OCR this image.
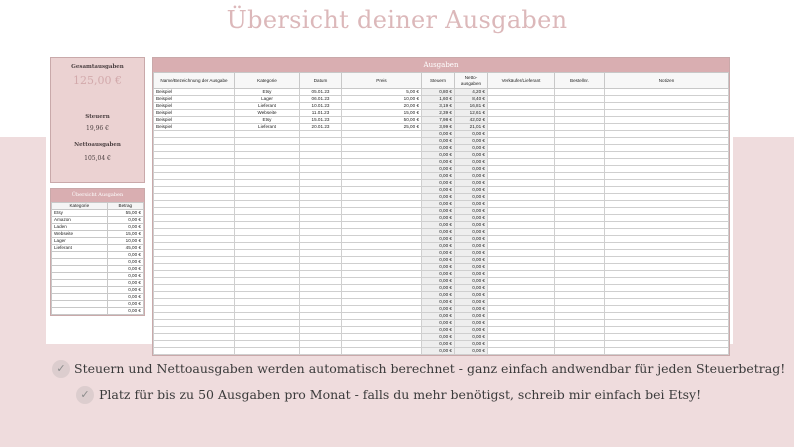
Übersicht deiner Ausgaben
Gesamtausgaben
125,00 €
Steuern
19,96 €
Nettoausgaben
105,04 €
Übersicht Ausgaben
Kategorie	Betrag
Etsy	55,00 €
Amazon	0,00 €
Laden	0,00 €
Webseite	15,00 €
Lager	10,00 €
Lieferant	45,00 €
	0,00 €
	0,00 €
	0,00 €
	0,00 €
	0,00 €
	0,00 €
	0,00 €
	0,00 €
	0,00 €
Ausgaben
Name/Bezeichnung der Ausgabe	Kategorie	Datum	Preis	Steuern	Netto-ausgaben	Verkäufer/Lieferant	Bestellnr.	Notizen
Beispiel	Etsy	05.01.23	5,00 €	0,80 €	4,20 €			
Beispiel	Lager	06.01.23	10,00 €	1,60 €	8,40 €			
Beispiel	Lieferant	10.01.23	20,00 €	3,19 €	16,81 €			
Beispiel	Webseite	11.01.23	15,00 €	2,39 €	12,61 €			
Beispiel	Etsy	15.01.23	50,00 €	7,98 €	42,02 €			
Beispiel	Lieferant	20.01.23	25,00 €	3,99 €	21,01 €			
				0,00 €	0,00 €			
				0,00 €	0,00 €			
				0,00 €	0,00 €			
				0,00 €	0,00 €			
				0,00 €	0,00 €			
				0,00 €	0,00 €			
				0,00 €	0,00 €			
				0,00 €	0,00 €			
				0,00 €	0,00 €			
				0,00 €	0,00 €			
				0,00 €	0,00 €			
				0,00 €	0,00 €			
				0,00 €	0,00 €			
				0,00 €	0,00 €			
				0,00 €	0,00 €			
				0,00 €	0,00 €			
				0,00 €	0,00 €			
				0,00 €	0,00 €			
				0,00 €	0,00 €			
				0,00 €	0,00 €			
				0,00 €	0,00 €			
				0,00 €	0,00 €			
				0,00 €	0,00 €			
				0,00 €	0,00 €			
				0,00 €	0,00 €			
				0,00 €	0,00 €			
				0,00 €	0,00 €			
				0,00 €	0,00 €			
				0,00 €	0,00 €			
				0,00 €	0,00 €			
				0,00 €	0,00 €			
				0,00 €	0,00 €			
✓ Steuern und Nettoausgaben werden automatisch berechnet - ganz einfach andwendbar für jeden Steuerbetrag!
✓ Platz für bis zu 50 Ausgaben pro Monat - falls du mehr benötigst, schreib mir einfach bei Etsy!
